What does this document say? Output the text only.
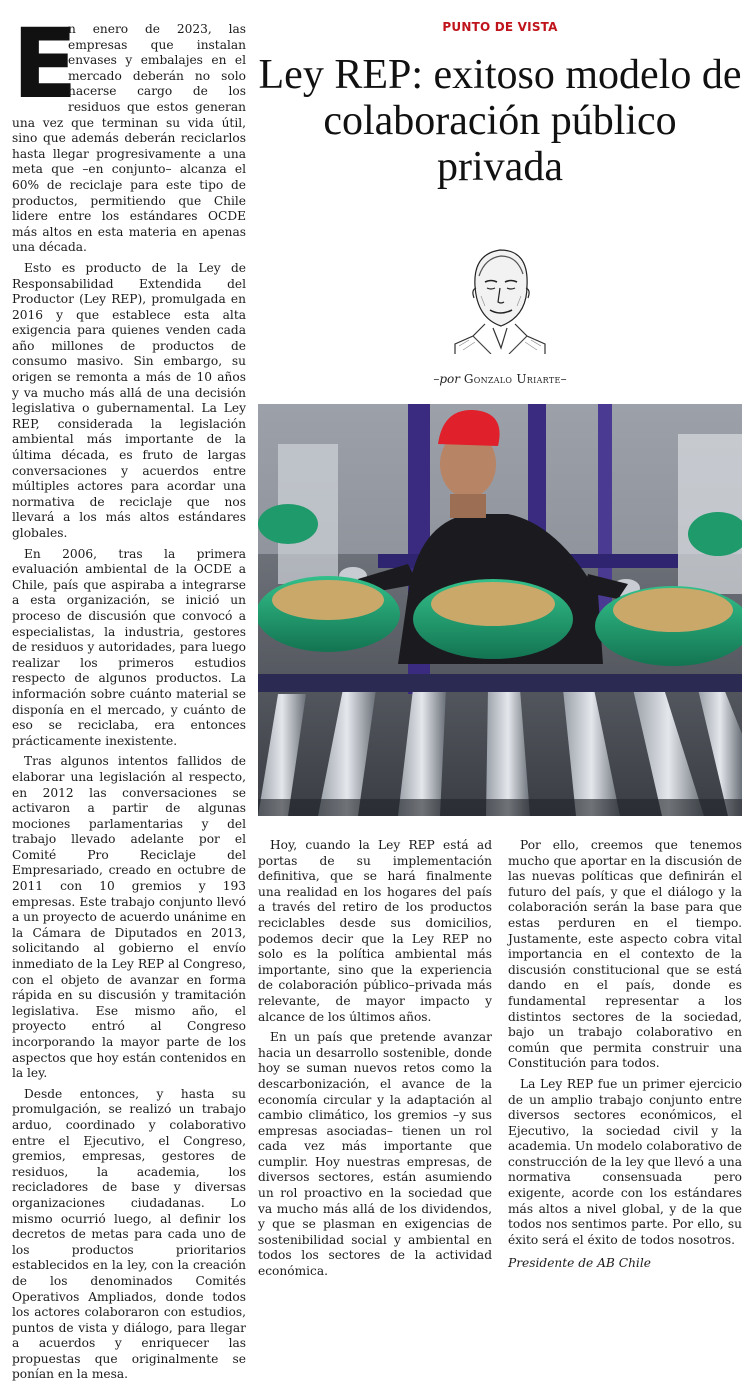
PUNTO DE VISTA
Ley REP: exitoso modelo de colaboración público privada
–por Gonzalo Uriarte–

E
n enero de 2023, las empresas que instalan envases y embalajes en el mercado deberán no solo hacerse cargo de los residuos que estos generan una vez que terminan su vida útil, sino que además deberán reciclarlos hasta llegar progresivamente a una meta que –en conjunto– alcanza el 60% de reciclaje para este tipo de productos, permitiendo que Chile lidere entre los estándares OCDE más altos en esta materia en apenas una década.

Esto es producto de la Ley de Responsabilidad Extendida del Productor (Ley REP), promulgada en 2016 y que establece esta alta exigencia para quienes venden cada año millones de productos de consumo masivo. Sin embargo, su origen se remonta a más de 10 años y va mucho más allá de una decisión legislativa o gubernamental. La Ley REP, considerada la legislación ambiental más importante de la última década, es fruto de largas conversaciones y acuerdos entre múltiples actores para acordar una normativa de reciclaje que nos llevará a los más altos estándares globales.

En 2006, tras la primera evaluación ambiental de la OCDE a Chile, país que aspiraba a integrarse a esta organización, se inició un proceso de discusión que convocó a especialistas, la industria, gestores de residuos y autoridades, para luego realizar los primeros estudios respecto de algunos productos. La información sobre cuánto material se disponía en el mercado, y cuánto de eso se reciclaba, era entonces prácticamente inexistente.

Tras algunos intentos fallidos de elaborar una legislación al respecto, en 2012 las conversaciones se activaron a partir de algunas mociones parlamentarias y del trabajo llevado adelante por el Comité Pro Reciclaje del Empresariado, creado en octubre de 2011 con 10 gremios y 193 empresas. Este trabajo conjunto llevó a un proyecto de acuerdo unánime en la Cámara de Diputados en 2013, solicitando al gobierno el envío inmediato de la Ley REP al Congreso, con el objeto de avanzar en forma rápida en su discusión y tramitación legislativa. Ese mismo año, el proyecto entró al Congreso incorporando la mayor parte de los aspectos que hoy están contenidos en la ley.

Desde entonces, y hasta su promulgación, se realizó un trabajo arduo, coordinado y colaborativo entre el Ejecutivo, el Congreso, gremios, empresas, gestores de residuos, la academia, los recicladores de base y diversas organizaciones ciudadanas. Lo mismo ocurrió luego, al definir los decretos de metas para cada uno de los productos prioritarios establecidos en la ley, con la creación de los denominados Comités Operativos Ampliados, donde todos los actores colaboraron con estudios, puntos de vista y diálogo, para llegar a acuerdos y enriquecer las propuestas que originalmente se ponían en la mesa.

Hoy, cuando la Ley REP está ad portas de su implementación definitiva, que se hará finalmente una realidad en los hogares del país a través del retiro de los productos reciclables desde sus domicilios, podemos decir que la Ley REP no solo es la política ambiental más importante, sino que la experiencia de colaboración público–privada más relevante, de mayor impacto y alcance de los últimos años.

En un país que pretende avanzar hacia un desarrollo sostenible, donde hoy se suman nuevos retos como la descarbonización, el avance de la economía circular y la adaptación al cambio climático, los gremios –y sus empresas asociadas– tienen un rol cada vez más importante que cumplir. Hoy nuestras empresas, de diversos sectores, están asumiendo un rol proactivo en la sociedad que va mucho más allá de los dividendos, y que se plasman en exigencias de sostenibilidad social y ambiental en todos los sectores de la actividad económica.

Por ello, creemos que tenemos mucho que aportar en la discusión de las nuevas políticas que definirán el futuro del país, y que el diálogo y la colaboración serán la base para que estas perduren en el tiempo. Justamente, este aspecto cobra vital importancia en el contexto de la discusión constitucional que se está dando en el país, donde es fundamental representar a los distintos sectores de la sociedad, bajo un trabajo colaborativo en común que permita construir una Constitución para todos.

La Ley REP fue un primer ejercicio de un amplio trabajo conjunto entre diversos sectores económicos, el Ejecutivo, la sociedad civil y la academia. Un modelo colaborativo de construcción de la ley que llevó a una normativa consensuada pero exigente, acorde con los estándares más altos a nivel global, y de la que todos nos sentimos parte. Por ello, su éxito será el éxito de todos nosotros.

Presidente de AB Chile
